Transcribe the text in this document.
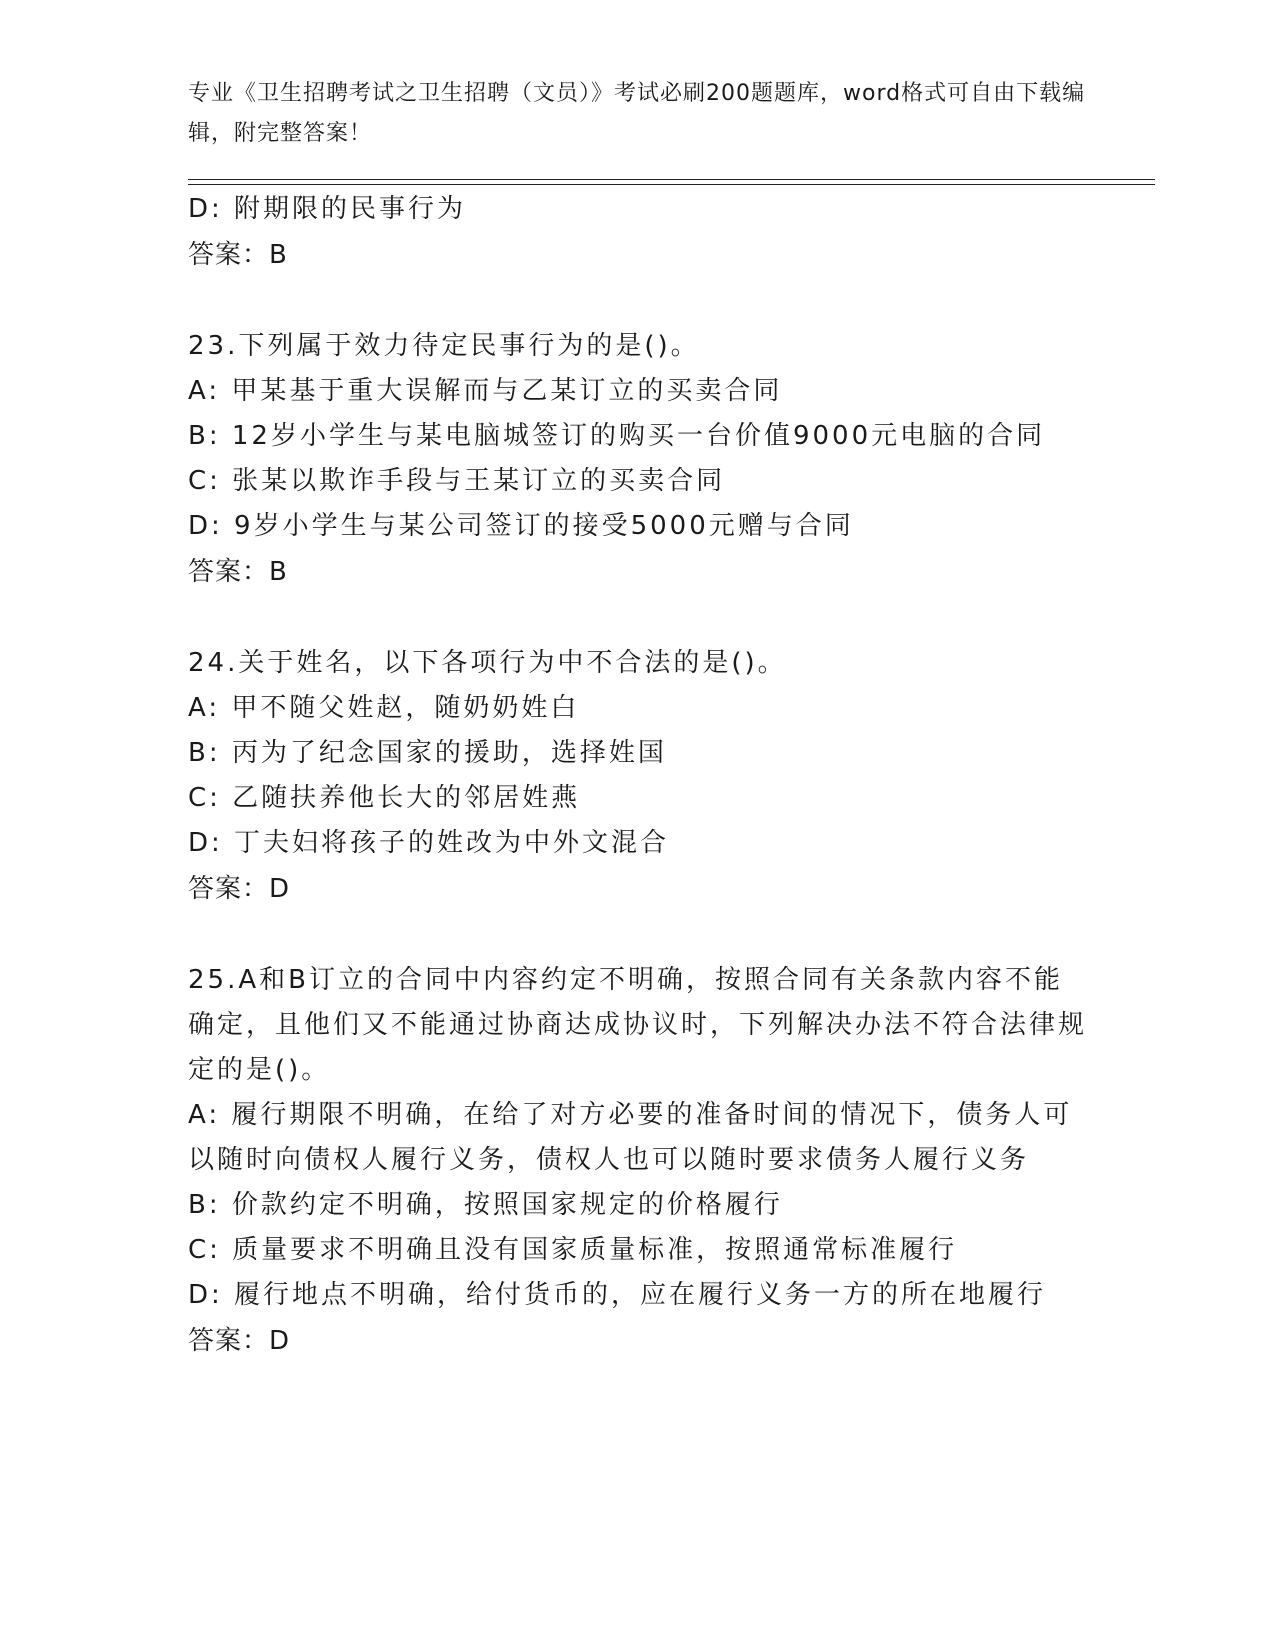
专业《卫生招聘考试之卫生招聘（文员）》考试必刷200题题库，word格式可自由下载编辑，附完整答案！
D: 附期限的民事行为
答案：B
23.下列属于效力待定民事行为的是()。
A: 甲某基于重大误解而与乙某订立的买卖合同
B: 12岁小学生与某电脑城签订的购买一台价值9000元电脑的合同
C: 张某以欺诈手段与王某订立的买卖合同
D: 9岁小学生与某公司签订的接受5000元赠与合同
答案：B
24.关于姓名，以下各项行为中不合法的是()。
A: 甲不随父姓赵，随奶奶姓白
B: 丙为了纪念国家的援助，选择姓国
C: 乙随扶养他长大的邻居姓燕
D: 丁夫妇将孩子的姓改为中外文混合
答案：D
25.A和B订立的合同中内容约定不明确，按照合同有关条款内容不能确定，且他们又不能通过协商达成协议时，下列解决办法不符合法律规定的是()。
A: 履行期限不明确，在给了对方必要的准备时间的情况下，债务人可以随时向债权人履行义务，债权人也可以随时要求债务人履行义务
B: 价款约定不明确，按照国家规定的价格履行
C: 质量要求不明确且没有国家质量标准，按照通常标准履行
D: 履行地点不明确，给付货币的，应在履行义务一方的所在地履行
答案：D
